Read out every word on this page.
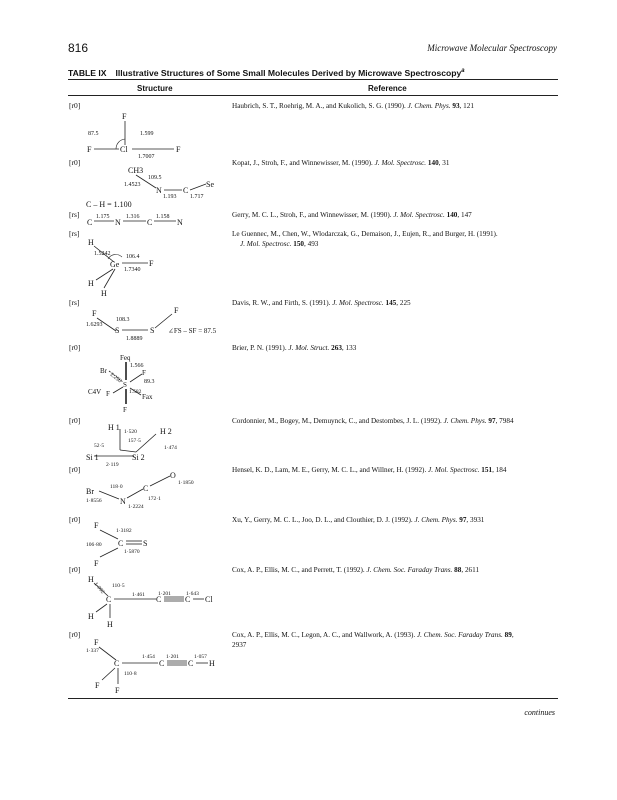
816	Microwave Molecular Spectroscopy
TABLE IX Illustrative Structures of Some Small Molecules Derived by Microwave Spectroscopy$^a$
Structure	Reference
[r0]	Haubrich, S. T., Roehrig, M. A., and Kukolich, S. G. (1990). J. Chem. Phys. 93, 121

F
87.5	1.599
F	Cl
1.7007
F
[r0]	Kopat, J., Stroh, F., and Winnewisser, M. (1990). J. Mol. Spectrosc. 140, 31

CH3
109.5
1.4523
N	C
Se
1.193 1.717
C – H = 1.100
[rs]	Gerry, M. C. L., Stroh, F., and Winnewisser, M. (1990). J. Mol. Spectrosc. 140, 147

C
1.175
N
1.316
C
1.158
N
[rs]	Le Guennec, M., Chen, W., Wlodarczak, G., Demaison, J., Eujen, R., and Burger, H. (1991).
J. Mol. Spectrosc. 150, 493
H
1.5242	106.4
Ge
1.7340
F
H
H
[rs]	Davis, R. W., and Firth, S. (1991). J. Mol. Spectrosc. 145, 225

F
108.3
1.6293
S	S
F
1.8889
∠FS – SF = 87.5
[r0]	Brier, P. N. (1991). J. Mol. Struct. 263, 133

Feq
1.566
Br
2.256	F
89.3
S
C4V F	Fax
1.582
F
[r0]	Cordonnier, M., Bogey, M., Demuynck, C., and Destombes, J. L. (1992). J. Chem. Phys. 97, 7984

H 1	H 2
1·520
157·5
52·5	1·474
Si 1	Si 2
2·119
[r0]	Hensel, K. D., Lam, M. E., Gerry, M. C. L., and Willner, H. (1992). J. Mol. Spectrosc. 151, 184

O
1·1850
Br	118·0	C
172·1
1·8556 N
1·2224
[r0]	Xu, Y., Gerry, M. C. L., Joo, D. L., and Clouthier, D. J. (1992). J. Chem. Phys. 97, 3931

F
1·3182
106·80 C S
1·5870
F
[r0]	Cox, A. P., Ellis, M. C., and Perrett, T. (1992). J. Chem. Soc. Faraday Trans. 88, 2611

H
1·092 110·5
C	1·461 1·201	1·643
C	C Cl
H
H
[r0]	Cox, A. P., Ellis, M. C., Legon, A. C., and Wallwork, A. (1993). J. Chem. Soc. Faraday Trans. 89,
2937
F
1·337
C
1·454 1·201	1·057
C	C H
110·8
F
F
continues
